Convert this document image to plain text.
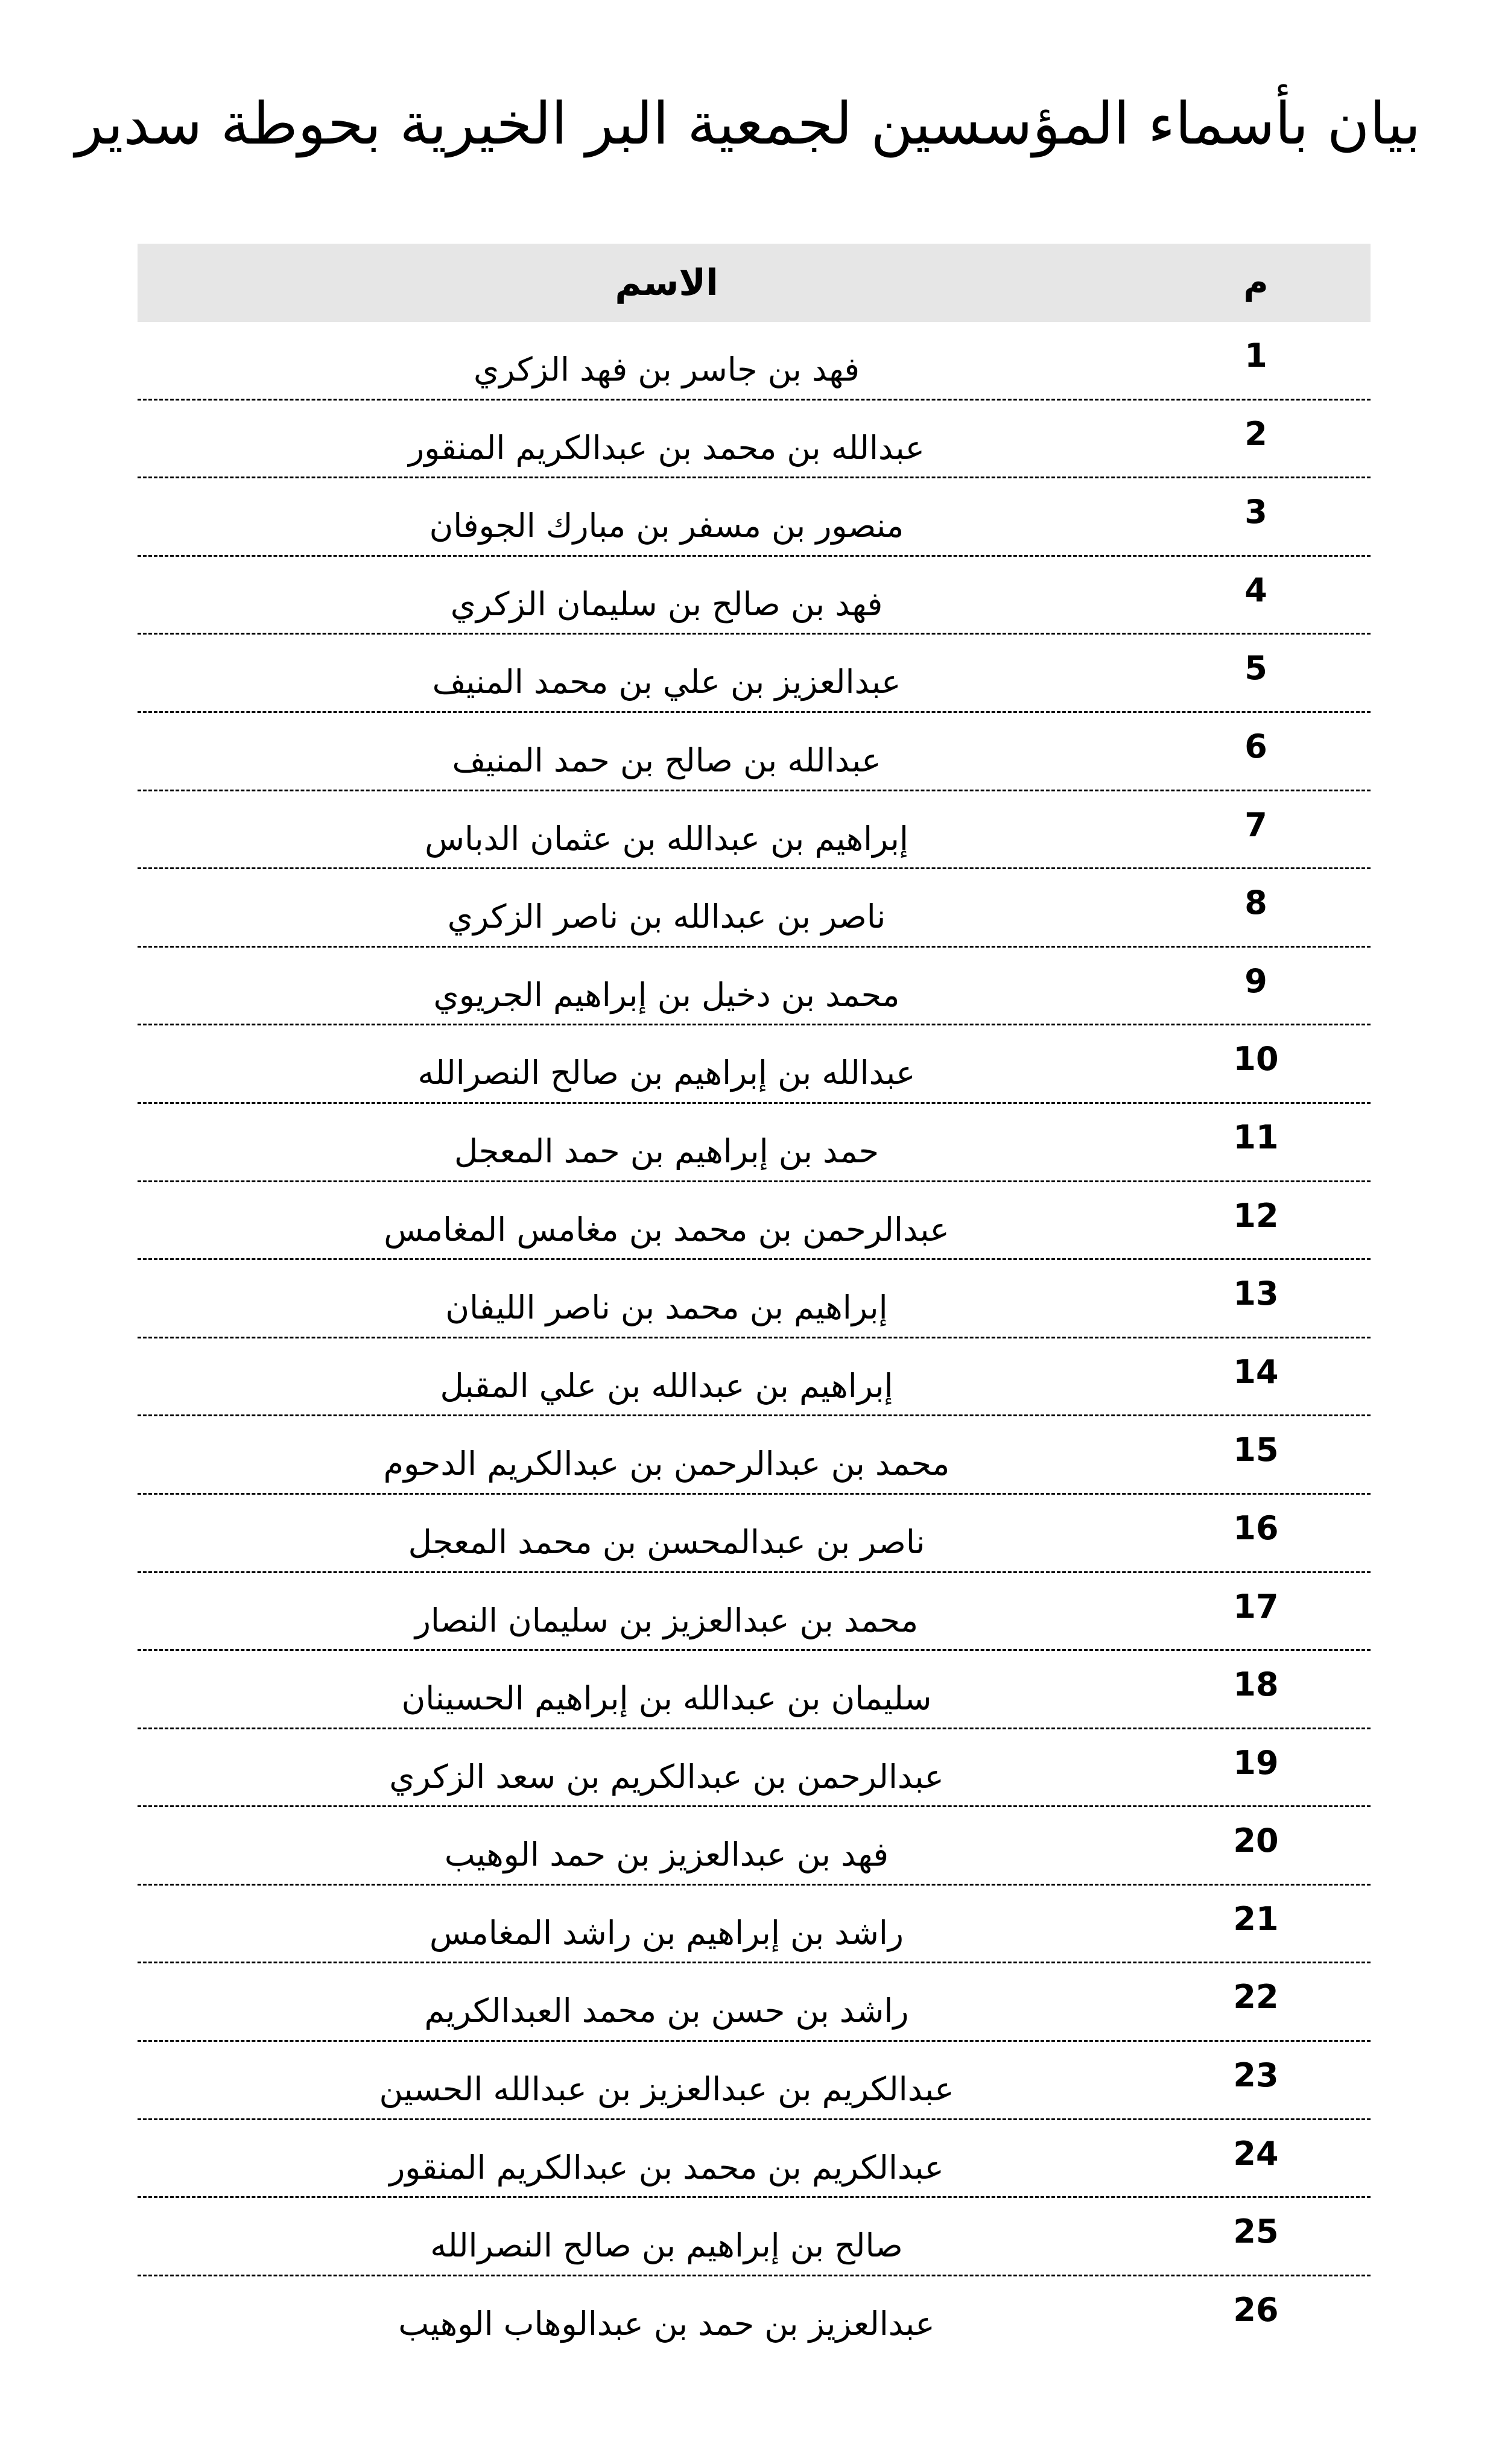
بيان بأسماء المؤسسين لجمعية البر الخيرية بحوطة سدير
م
الاسم
1
فهد بن جاسر بن فهد الزكري
2
عبدالله بن محمد بن عبدالكريم المنقور
3
منصور بن مسفر بن مبارك الجوفان
4
فهد بن صالح بن سليمان الزكري
5
عبدالعزيز بن علي بن محمد المنيف
6
عبدالله بن صالح بن حمد المنيف
7
إبراهيم بن عبدالله بن عثمان الدباس
8
ناصر بن عبدالله بن ناصر الزكري
9
محمد بن دخيل بن إبراهيم الجريوي
10
عبدالله بن إبراهيم بن صالح النصرالله
11
حمد بن إبراهيم بن حمد المعجل
12
عبدالرحمن بن محمد بن مغامس المغامس
13
إبراهيم بن محمد بن ناصر الليفان
14
إبراهيم بن عبدالله بن علي المقبل
15
محمد بن عبدالرحمن بن عبدالكريم الدحوم
16
ناصر بن عبدالمحسن بن محمد المعجل
17
محمد بن عبدالعزيز بن سليمان النصار
18
سليمان بن عبدالله بن إبراهيم الحسينان
19
عبدالرحمن بن عبدالكريم بن سعد الزكري
20
فهد بن عبدالعزيز بن حمد الوهيب
21
راشد بن إبراهيم بن راشد المغامس
22
راشد بن حسن بن محمد العبدالكريم
23
عبدالكريم بن عبدالعزيز بن عبدالله الحسين
24
عبدالكريم بن محمد بن عبدالكريم المنقور
25
صالح بن إبراهيم بن صالح النصرالله
26
عبدالعزيز بن حمد بن عبدالوهاب الوهيب
